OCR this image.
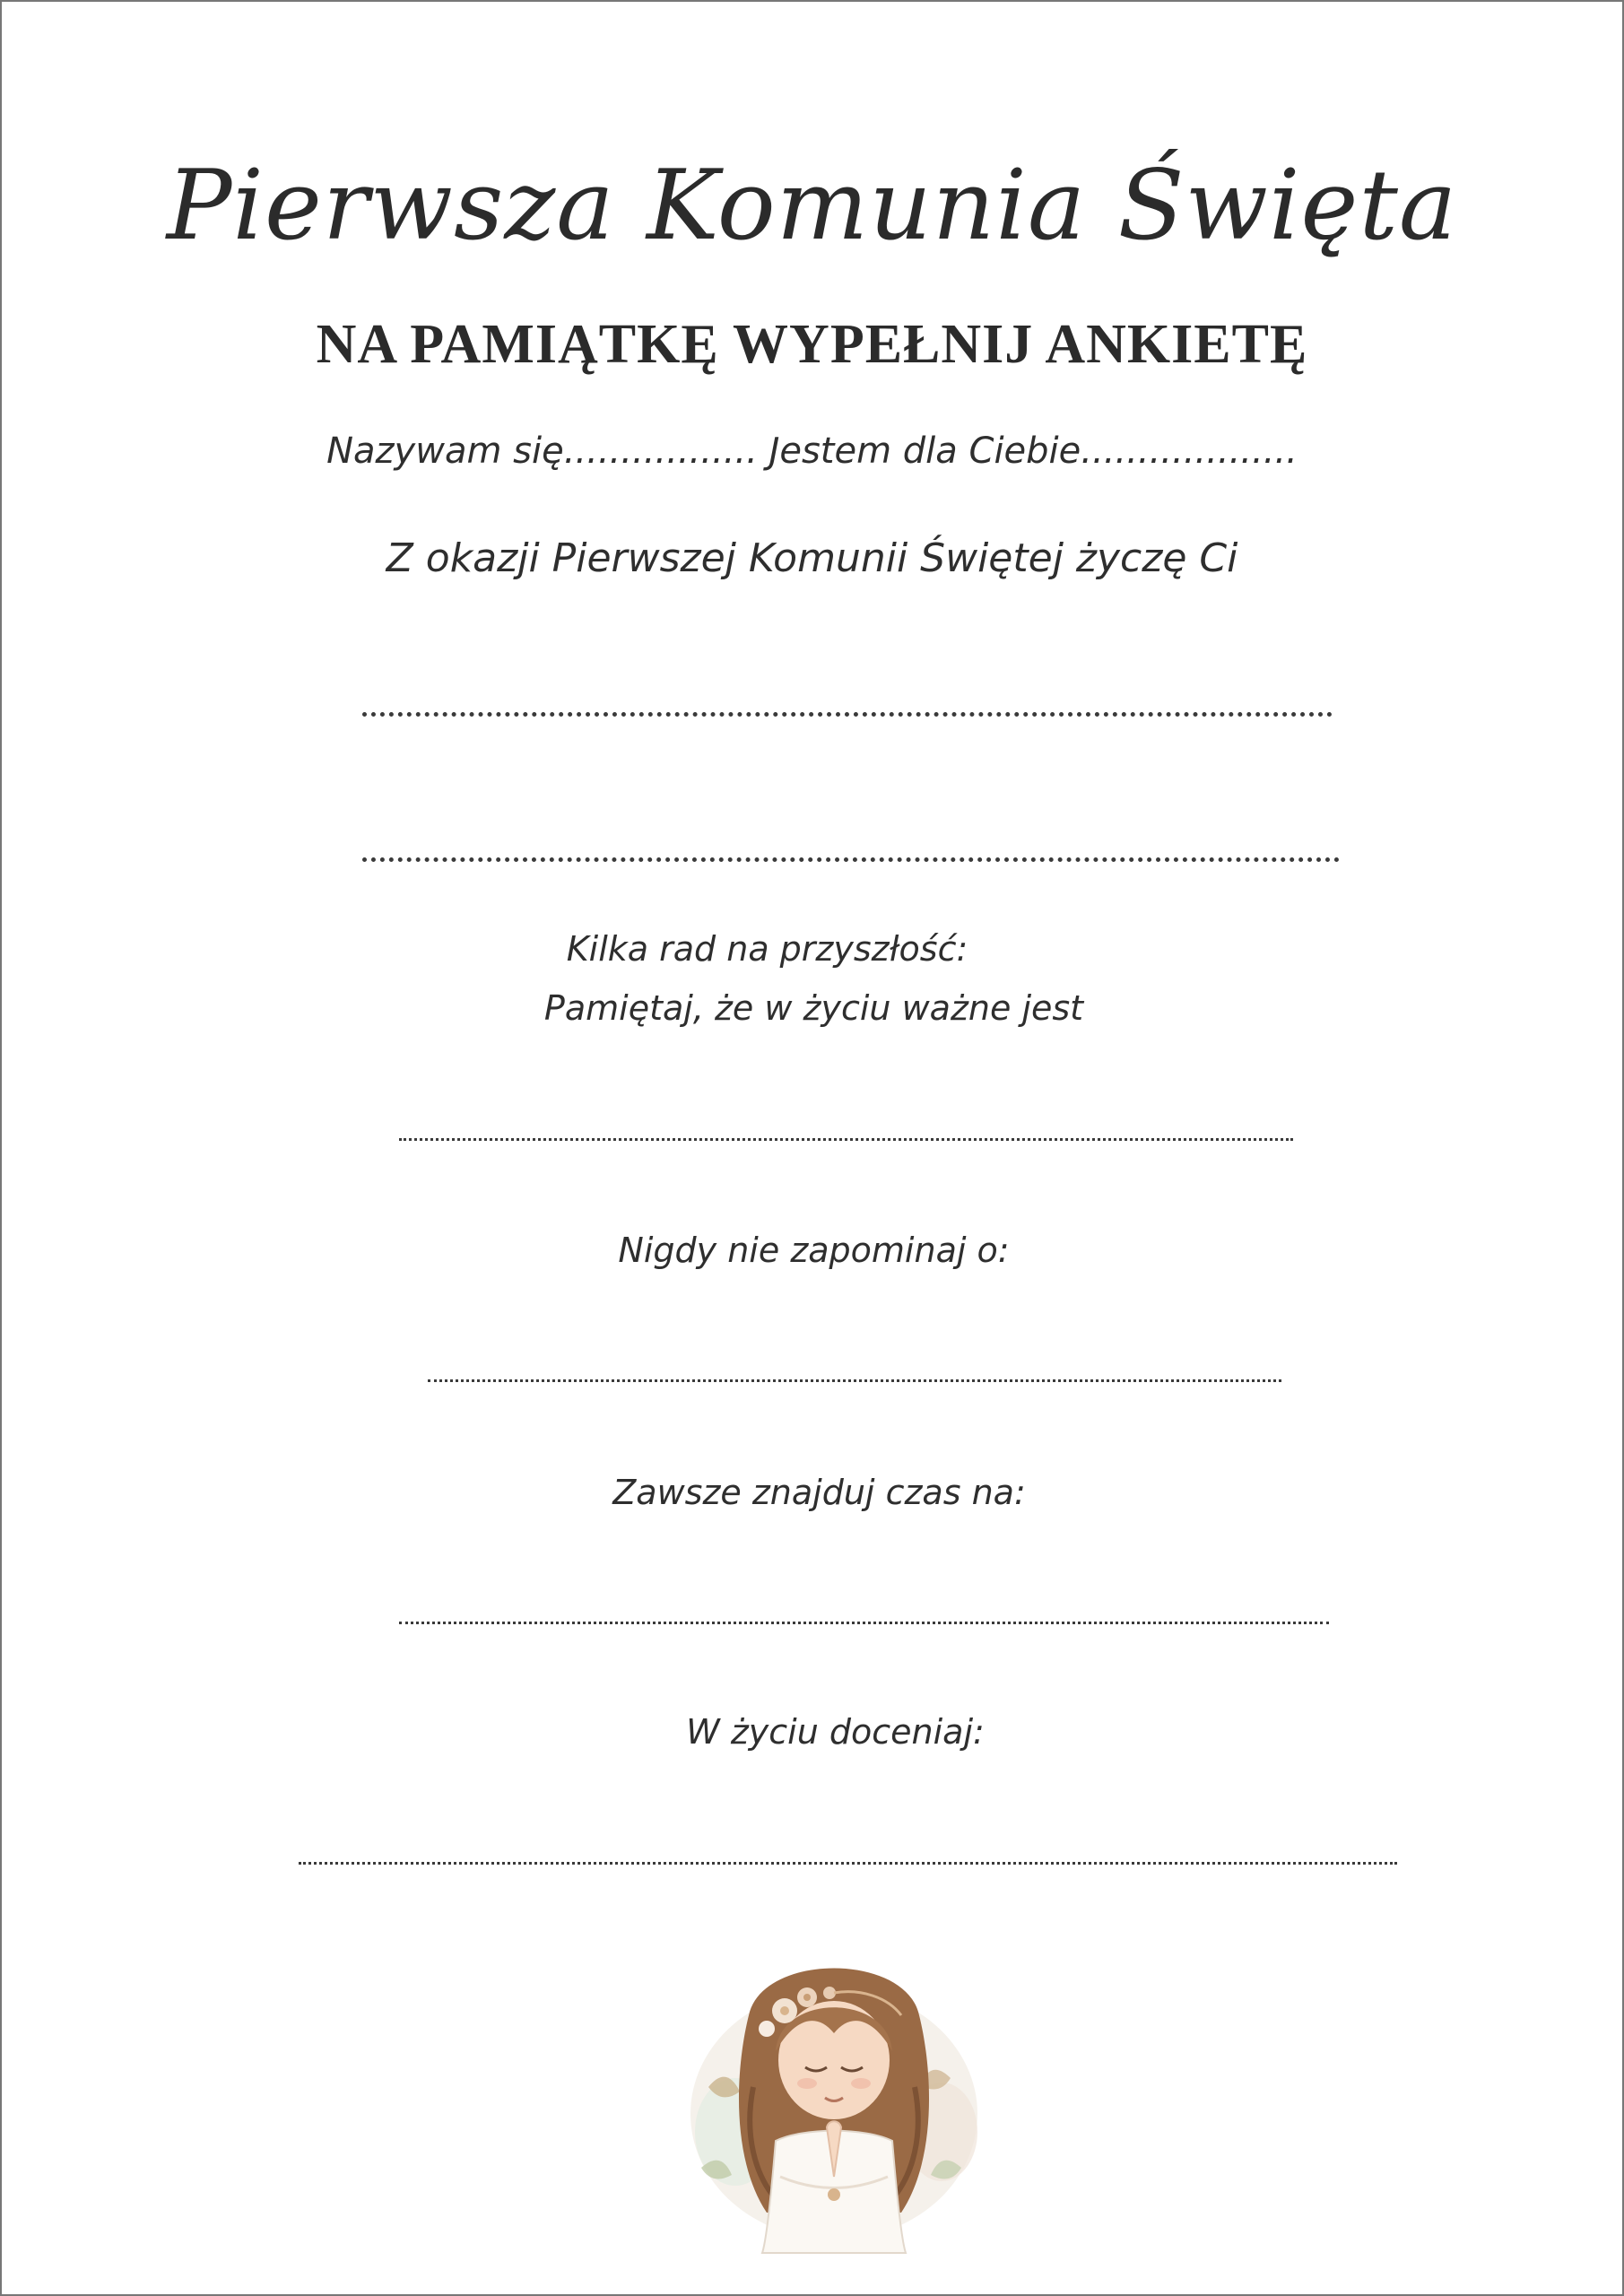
Pierwsza Komunia Święta
NA PAMIĄTKĘ WYPEŁNIJ ANKIETĘ
Nazywam się................. Jestem dla Ciebie...................
Z okazji Pierwszej Komunii Świętej życzę Ci
Kilka rad na przyszłość:
Pamiętaj, że w życiu ważne jest
Nigdy nie zapominaj o:
Zawsze znajduj czas na:
W życiu doceniaj:
